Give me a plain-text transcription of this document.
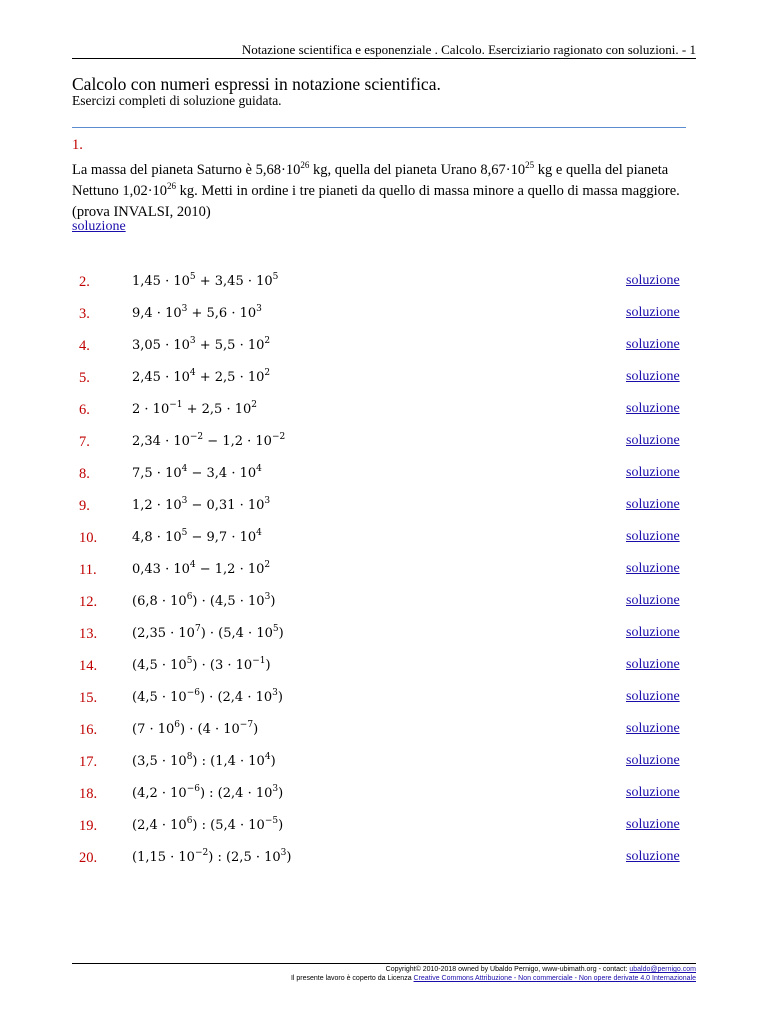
Notazione scientifica e esponenziale . Calcolo. Eserciziario ragionato con soluzioni. - 1
Calcolo con numeri espressi in notazione scientifica.
Esercizi completi di soluzione guidata.
1.

La massa del pianeta Saturno è $5,68\cdot 10^{26}$ kg, quella del pianeta Urano $8,67\cdot 10^{25}$ kg e quella del pianeta Nettuno $1,02\cdot 10^{26}$ kg. Metti in ordine i tre pianeti da quello di massa minore a quello di massa maggiore. (prova INVALSI, 2010)

soluzione
2.	$1,45 \cdot 10^5 + 3,45 \cdot 10^5$	soluzione
3.	$9,4 \cdot 10^3 + 5,6 \cdot 10^3$	soluzione
4.	$3,05 \cdot 10^3 + 5,5 \cdot 10^2$	soluzione
5.	$2,45 \cdot 10^4 + 2,5 \cdot 10^2$	soluzione
6.	$2 \cdot 10^{-1} + 2,5 \cdot 10^2$	soluzione
7.	$2,34 \cdot 10^{-2} - 1,2 \cdot 10^{-2}$	soluzione
8.	$7,5 \cdot 10^4 - 3,4 \cdot 10^4$	soluzione
9.	$1,2 \cdot 10^3 - 0,31 \cdot 10^3$	soluzione
10.	$4,8 \cdot 10^5 - 9,7 \cdot 10^4$	soluzione
11.	$0,43 \cdot 10^4 - 1,2 \cdot 10^2$	soluzione
12.	$(6,8 \cdot 10^6) \cdot (4,5 \cdot 10^3)$	soluzione
13.	$(2,35 \cdot 10^7) \cdot (5,4 \cdot 10^5)$	soluzione
14.	$(4,5 \cdot 10^5) \cdot (3 \cdot 10^{-1})$	soluzione
15.	$(4,5 \cdot 10^{-6}) \cdot (2,4 \cdot 10^3)$	soluzione
16.	$(7 \cdot 10^6) \cdot (4 \cdot 10^{-7})$	soluzione
17.	$(3,5 \cdot 10^8)$ : $(1,4 \cdot 10^4)$	soluzione
18.	$(4,2 \cdot 10^{-6})$ : $(2,4 \cdot 10^3)$	soluzione
19.	$(2,4 \cdot 10^6)$ : $(5,4 \cdot 10^{-5})$	soluzione
20.	$(1,15 \cdot 10^{-2})$ : $(2,5 \cdot 10^3)$	soluzione
Copyright© 2010-2018 owned by Ubaldo Pernigo, www-ubimath.org - contact: ubaldo@pernigo.com
Il presente lavoro è coperto da Licenza Creative Commons Attribuzione - Non commerciale - Non opere derivate 4.0 Internazionale
